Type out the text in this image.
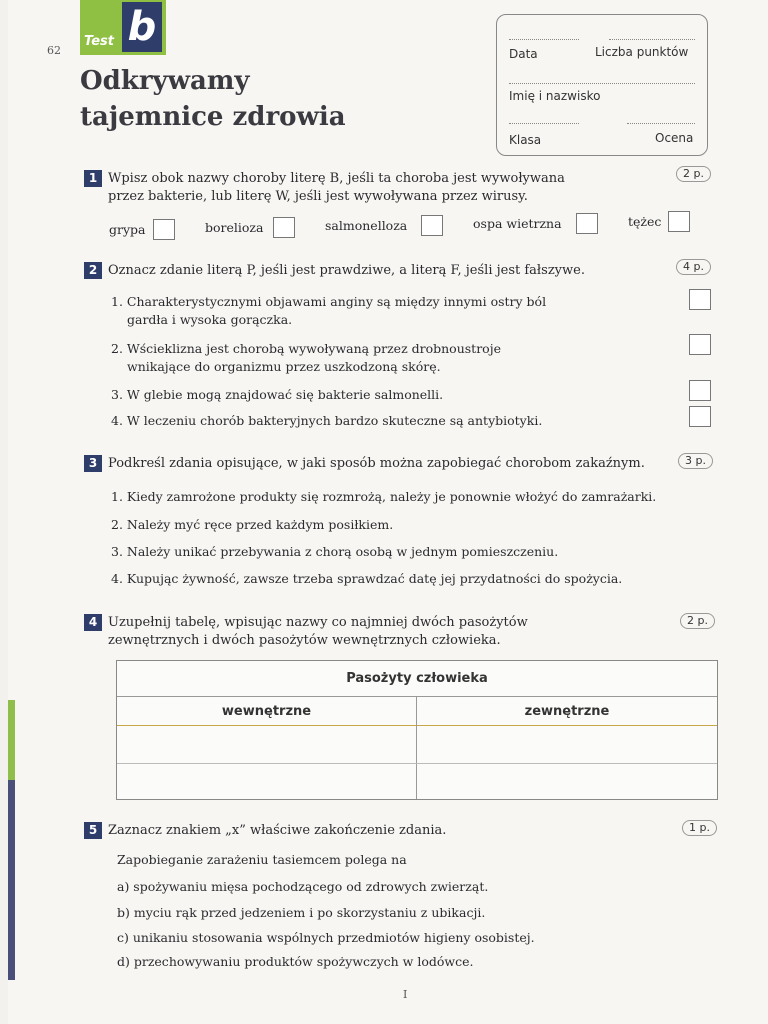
62
Test b
Odkrywamy
tajemnice zdrowia
Data	Liczba punktów
Imię i nazwisko
Klasa	Ocena
1 Wpisz obok nazwy choroby literę B, jeśli ta choroba jest wywoływana
przez bakterie, lub literę W, jeśli jest wywoływana przez wirusy.
2 p.
grypa	borelioza	salmonelloza	ospa wietrzna	tężec
2 Oznacz zdanie literą P, jeśli jest prawdziwe, a literą F, jeśli jest fałszywe.	4 p.
1. Charakterystycznymi objawami anginy są między innymi ostry ból
gardła i wysoka gorączka.
2. Wścieklizna jest chorobą wywoływaną przez drobnoustroje
wnikające do organizmu przez uszkodzoną skórę.
3. W glebie mogą znajdować się bakterie salmonelli.
4. W leczeniu chorób bakteryjnych bardzo skuteczne są antybiotyki.
3 Podkreśl zdania opisujące, w jaki sposób można zapobiegać chorobom zakaźnym.	3 p.
1. Kiedy zamrożone produkty się rozmrożą, należy je ponownie włożyć do zamrażarki.
2. Należy myć ręce przed każdym posiłkiem.
3. Należy unikać przebywania z chorą osobą w jednym pomieszczeniu.
4. Kupując żywność, zawsze trzeba sprawdzać datę jej przydatności do spożycia.
4 Uzupełnij tabelę, wpisując nazwy co najmniej dwóch pasożytów
zewnętrznych i dwóch pasożytów wewnętrznych człowieka.
2 p.
Pasożyty człowieka
wewnętrzne	zewnętrzne
5 Zaznacz znakiem „x” właściwe zakończenie zdania.	1 p.
Zapobieganie zarażeniu tasiemcem polega na
a) spożywaniu mięsa pochodzącego od zdrowych zwierząt.
b) myciu rąk przed jedzeniem i po skorzystaniu z ubikacji.
c) unikaniu stosowania wspólnych przedmiotów higieny osobistej.
d) przechowywaniu produktów spożywczych w lodówce.
I
